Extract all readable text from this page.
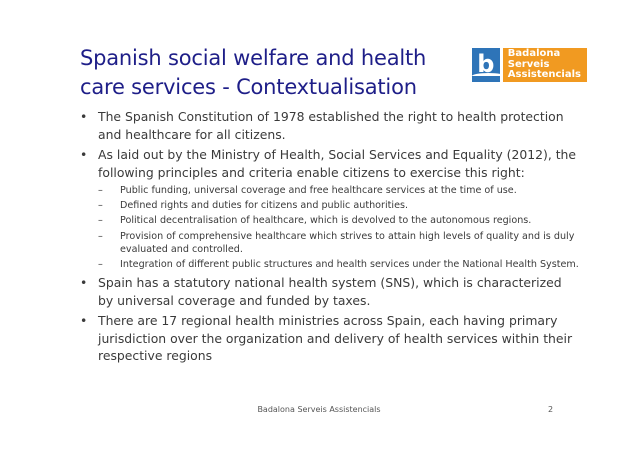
Spanish social welfare and health care services - Contextualisation
b Badalona
Serveis
Assistencials
• The Spanish Constitution of 1978 established the right to health protection and healthcare for all citizens.
• As laid out by the Ministry of Health, Social Services and Equality (2012), the following principles and criteria enable citizens to exercise this right:
– Public funding, universal coverage and free healthcare services at the time of use.
– Defined rights and duties for citizens and public authorities.
– Political decentralisation of healthcare, which is devolved to the autonomous regions.
– Provision of comprehensive healthcare which strives to attain high levels of quality and is duly evaluated and controlled.
– Integration of different public structures and health services under the National Health System.
• Spain has a statutory national health system (SNS), which is characterized by universal coverage and funded by taxes.
• There are 17 regional health ministries across Spain, each having primary jurisdiction over the organization and delivery of health services within their respective regions
Badalona Serveis Assistencials	2
